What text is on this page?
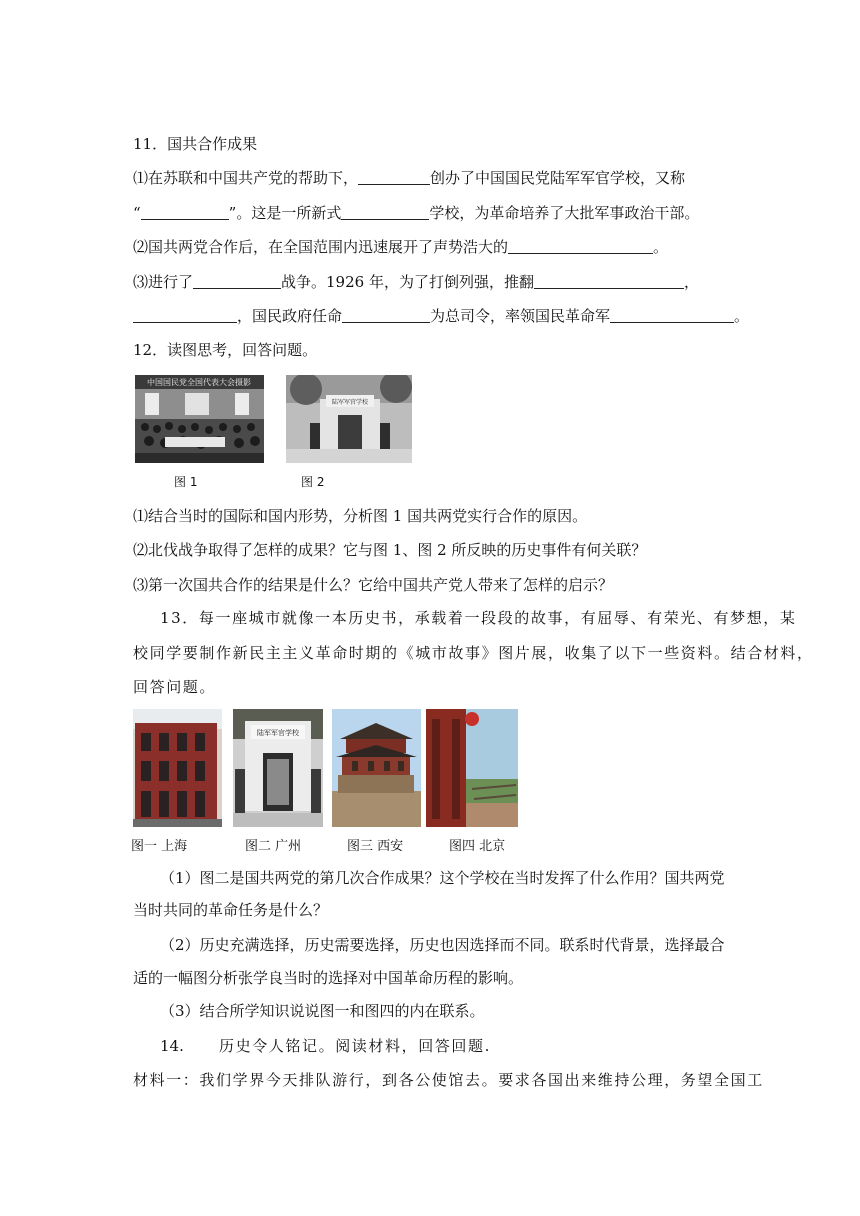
11．国共合作成果
⑴在苏联和中国共产党的帮助下，	创办了中国国民党陆军军官学校，又称
“	”。这是一所新式	学校，为革命培养了大批军事政治干部。
⑵国共两党合作后，在全国范围内迅速展开了声势浩大的	。
⑶进行了	战争。1926 年，为了打倒列强，推翻	，
，国民政府任命	为总司令，率领国民革命军	。
12．读图思考，回答问题。
中国国民党全国代表大会摄影
图 1
陆军军官学校
图 2
⑴结合当时的国际和国内形势，分析图 1 国共两党实行合作的原因。
⑵北伐战争取得了怎样的成果？它与图 1、图 2 所反映的历史事件有何关联？
⑶第一次国共合作的结果是什么？它给中国共产党人带来了怎样的启示？
13．每一座城市就像一本历史书，承载着一段段的故事，有屈辱、有荣光、有梦想，某
校同学要制作新民主主义革命时期的《城市故事》图片展，收集了以下一些资料。结合材料，
回答问题。
陆军军官学校
图一 上海	图二 广州	图三 西安	图四 北京
（1）图二是国共两党的第几次合作成果？这个学校在当时发挥了什么作用？国共两党
当时共同的革命任务是什么？
（2）历史充满选择，历史需要选择，历史也因选择而不同。联系时代背景，选择最合
适的一幅图分析张学良当时的选择对中国革命历程的影响。
（3）结合所学知识说说图一和图四的内在联系。
14. 历史令人铭记。阅读材料，回答回题.
材料一：我们学界今天排队游行，到各公使馆去。要求各国出来维持公理，务望全国工
